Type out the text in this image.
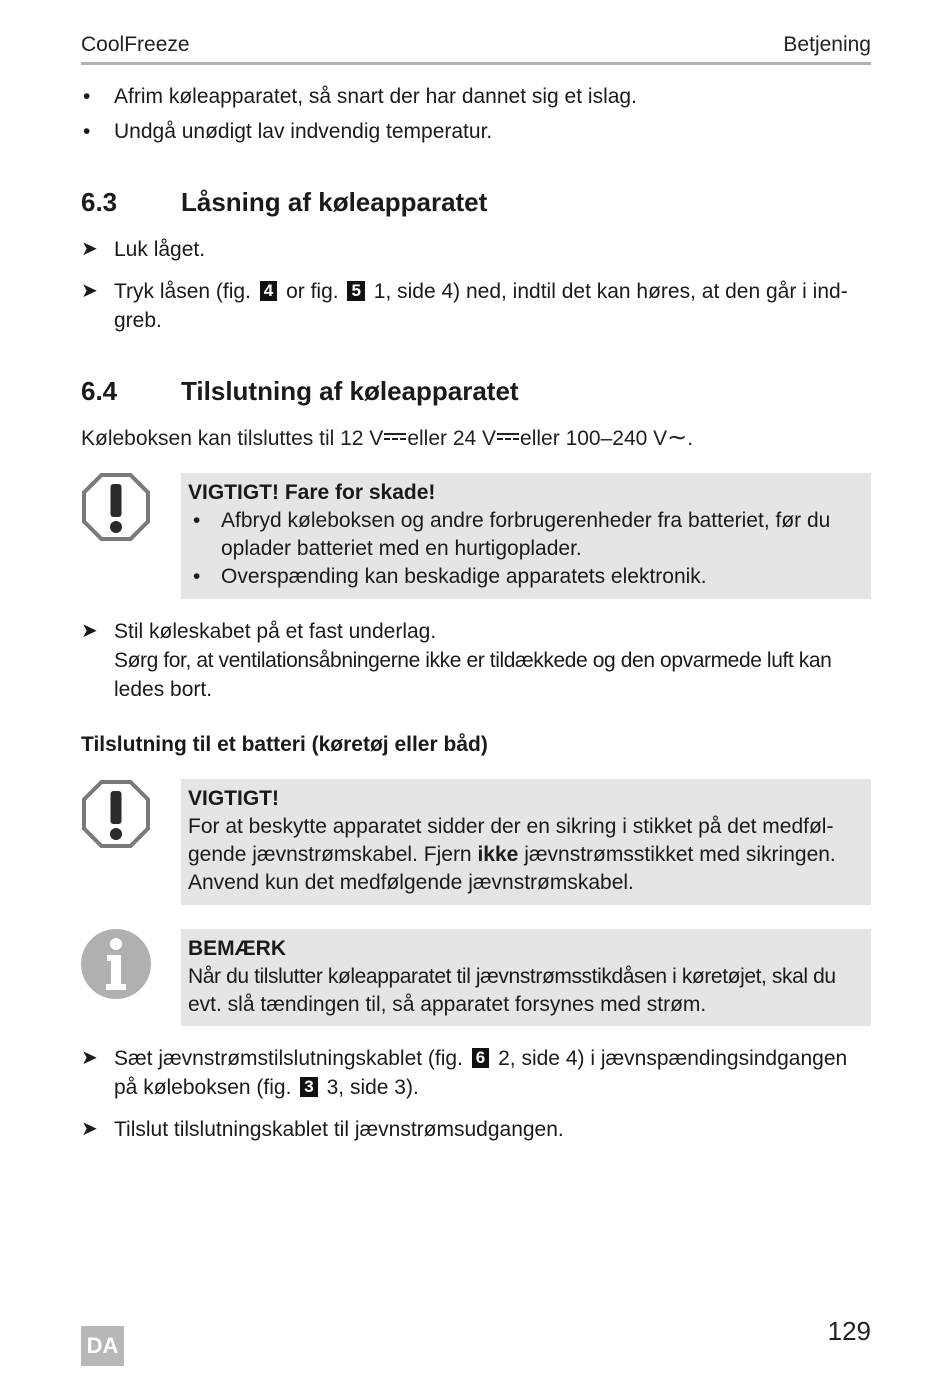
CoolFreeze	Betjening
• Afrim køleapparatet, så snart der har dannet sig et islag.
• Undgå unødigt lav indvendig temperatur.
6.3 Låsning af køleapparatet
➤ Luk låget.
➤ Tryk låsen (fig. 4 or fig. 5 1, side 4) ned, indtil det kan høres, at den går i ind-
greb.
6.4 Tilslutning af køleapparatet
Køleboksen kan tilsluttes til 12 V eller 24 V eller 100–240 V∼.
VIGTIGT! Fare for skade!
• Afbryd køleboksen og andre forbrugerenheder fra batteriet, før du
oplader batteriet med en hurtigoplader.
• Overspænding kan beskadige apparatets elektronik.
➤ Stil køleskabet på et fast underlag.
Sørg for, at ventilationsåbningerne ikke er tildækkede og den opvarmede luft kan
ledes bort.
Tilslutning til et batteri (køretøj eller båd)
VIGTIGT!
For at beskytte apparatet sidder der en sikring i stikket på det medføl-
gende jævnstrømskabel. Fjern ikke jævnstrømsstikket med sikringen.
Anvend kun det medfølgende jævnstrømskabel.
BEMÆRK
Når du tilslutter køleapparatet til jævnstrømsstikdåsen i køretøjet, skal du
evt. slå tændingen til, så apparatet forsynes med strøm.
➤ Sæt jævnstrømstilslutningskablet (fig. 6 2, side 4) i jævnspændingsindgangen
på køleboksen (fig. 3 3, side 3).
➤ Tilslut tilslutningskablet til jævnstrømsudgangen.
DA	129
